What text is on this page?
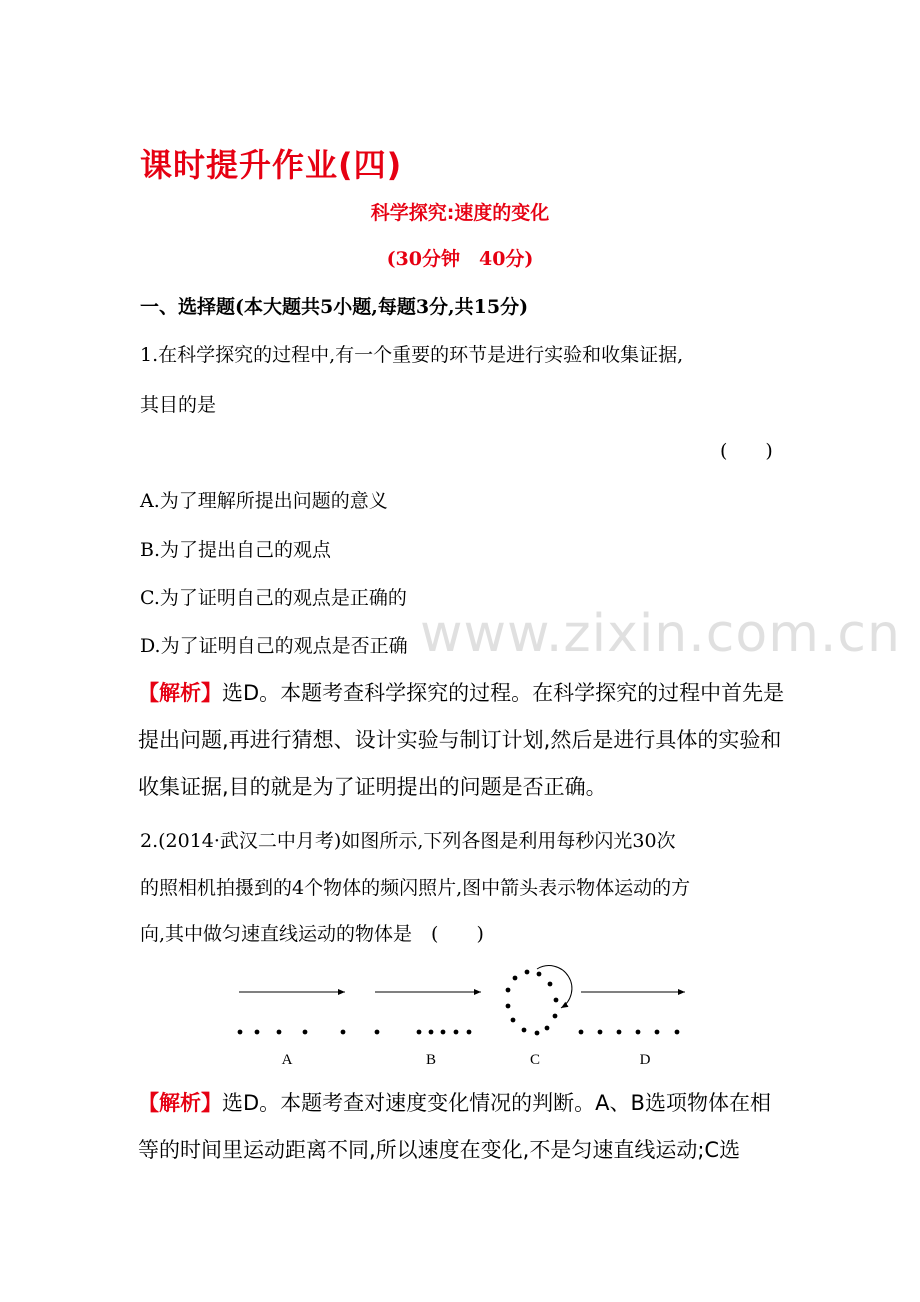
课时提升作业(四)
科学探究:速度的变化
(30分钟　40分)
一、选择题(本大题共5小题,每题3分,共15分)
1.在科学探究的过程中,有一个重要的环节是进行实验和收集证据,
其目的是
(　　)
A.为了理解所提出问题的意义
B.为了提出自己的观点
C.为了证明自己的观点是正确的
D.为了证明自己的观点是否正确 www.zixin.com.cn
【解析】选D。本题考查科学探究的过程。在科学探究的过程中首先是提出问题,再进行猜想、设计实验与制订计划,然后是进行具体的实验和收集证据,目的就是为了证明提出的问题是否正确。
2.(2014·武汉二中月考)如图所示,下列各图是利用每秒闪光30次
的照相机拍摄到的4个物体的频闪照片,图中箭头表示物体运动的方
向,其中做匀速直线运动的物体是　(　　)
A	B	C	D
【解析】选D。本题考查对速度变化情况的判断。A、B选项物体在相等的时间里运动距离不同,所以速度在变化,不是匀速直线运动;C选
